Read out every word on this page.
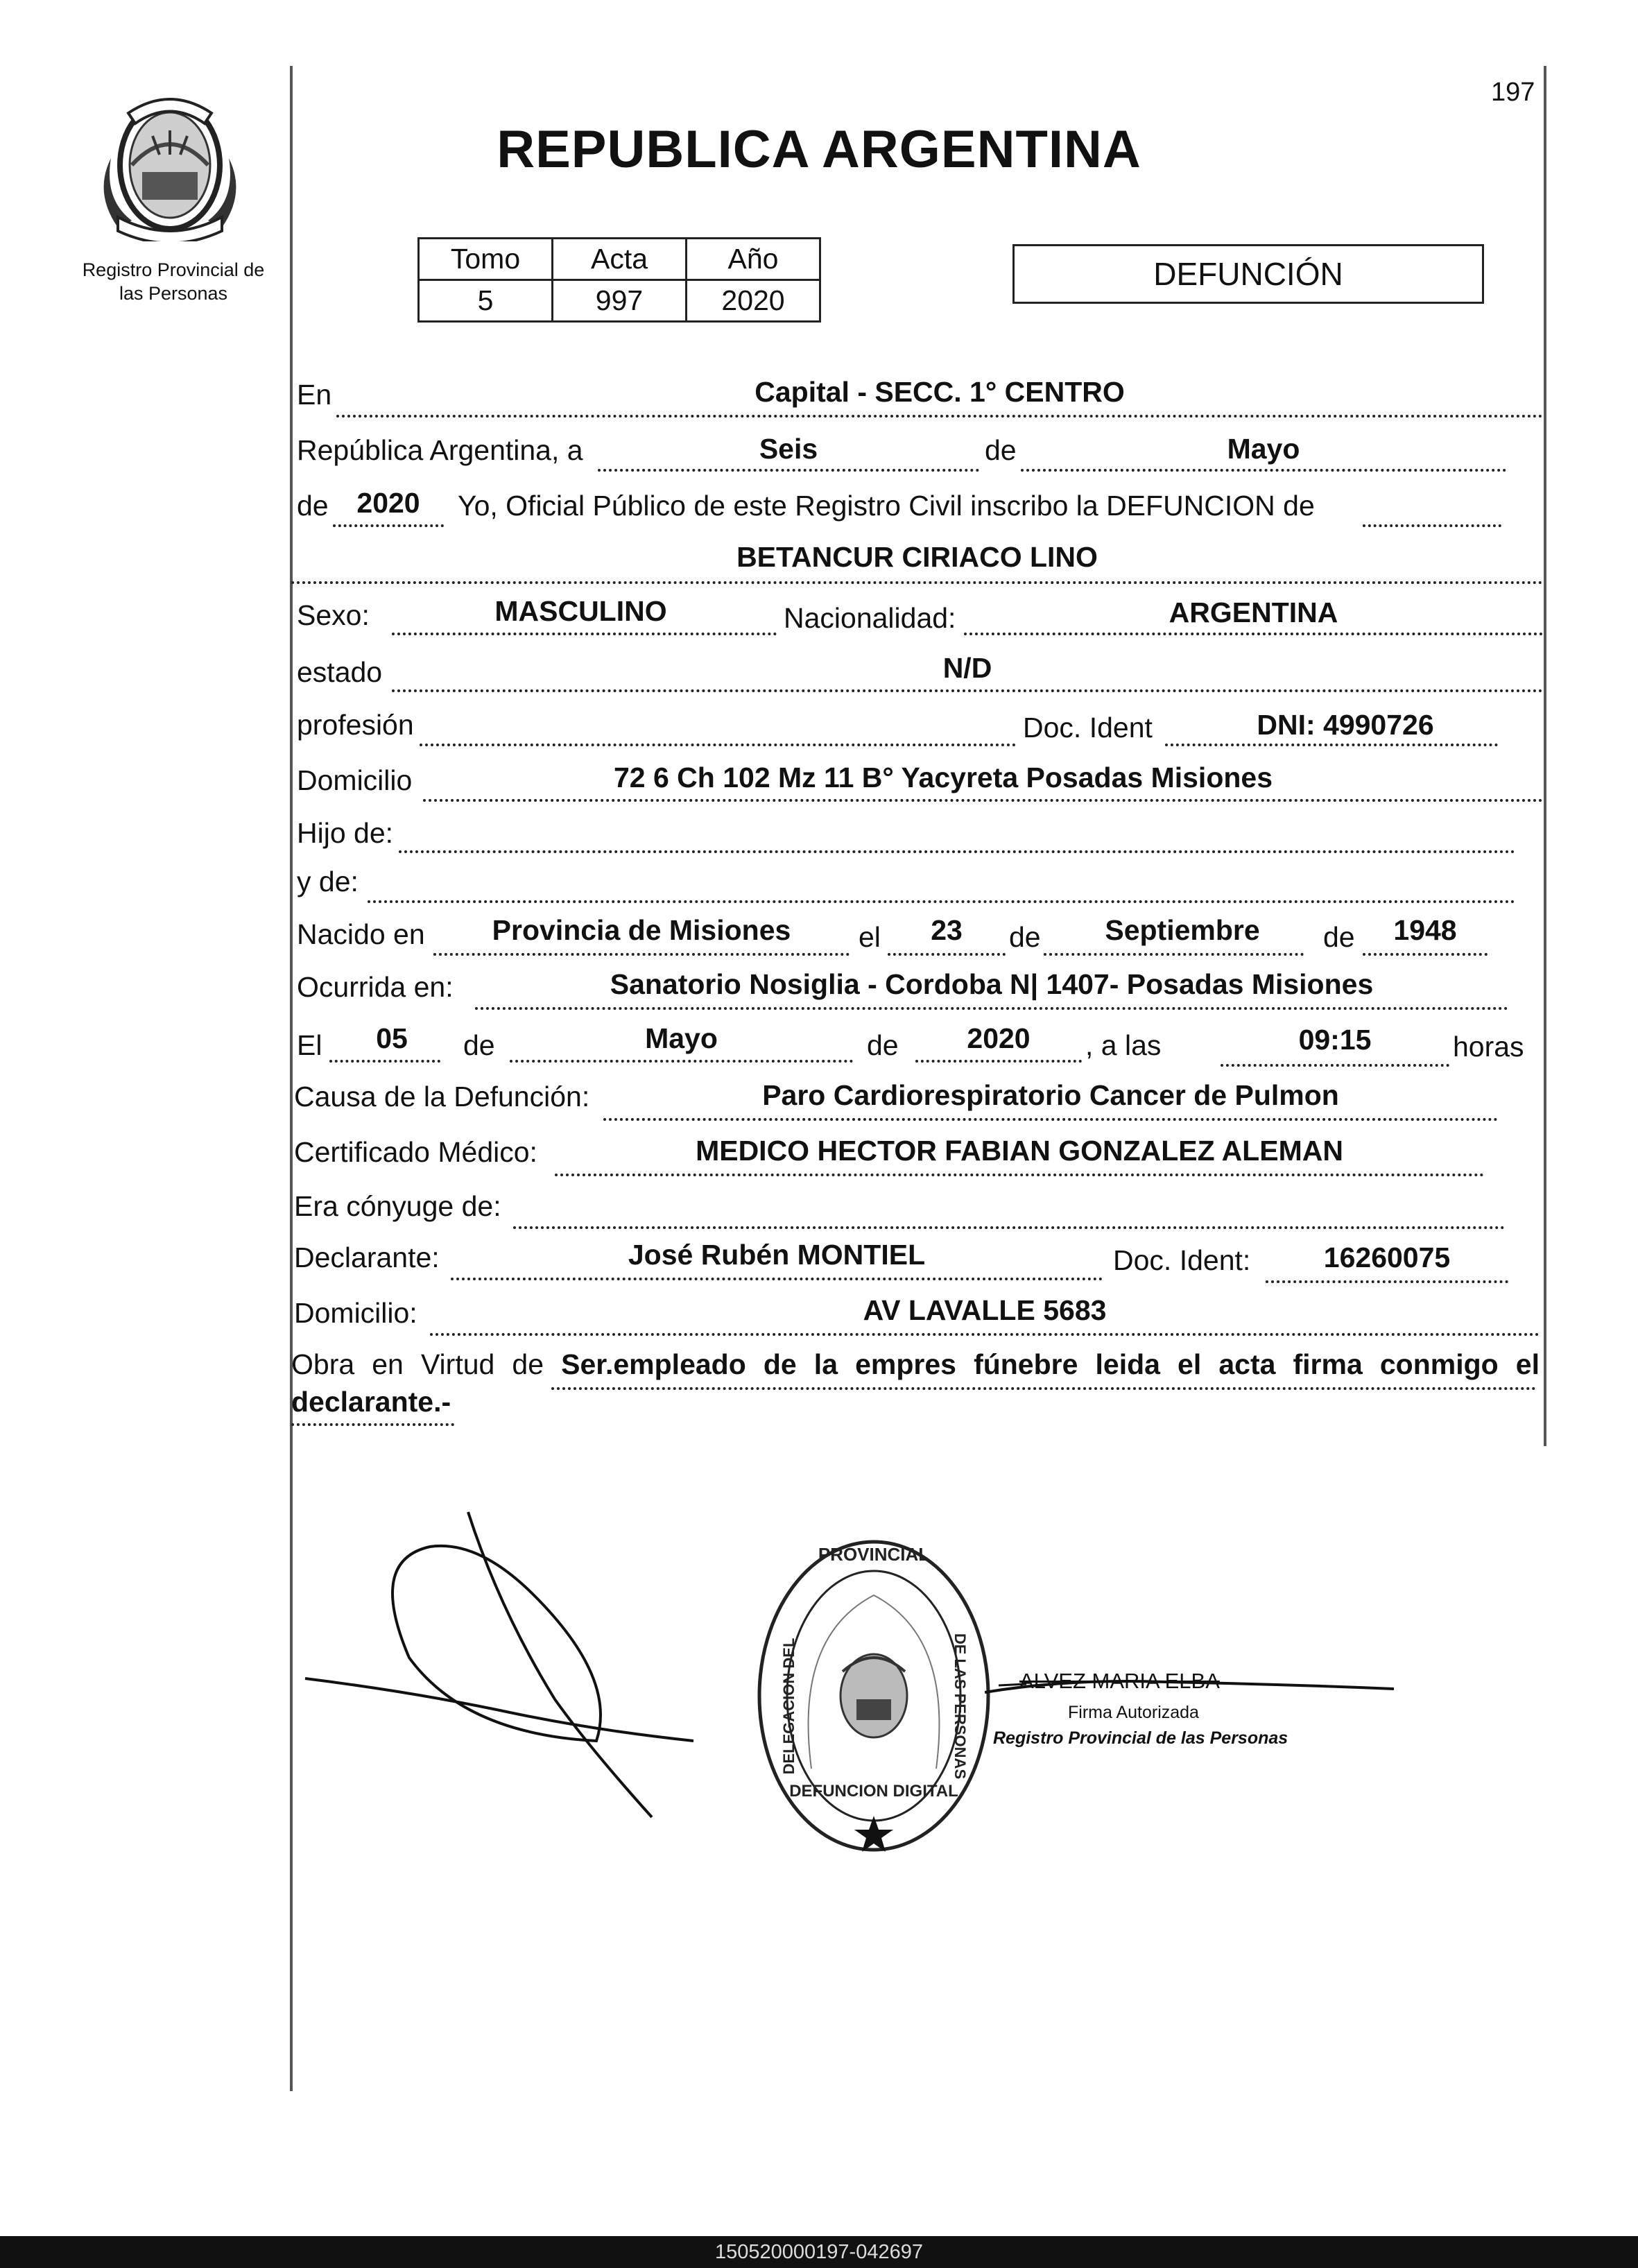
Registro Provincial de
las Personas
197
REPUBLICA ARGENTINA
Tomo	Acta	Año
5	997	2020
DEFUNCIÓN
En	Capital - SECC. 1° CENTRO
República Argentina, a	Seis	de	Mayo
de 2020	Yo, Oficial Público de este Registro Civil inscribo la DEFUNCION de
BETANCUR CIRIACO LINO
Sexo:	MASCULINO	Nacionalidad:	ARGENTINA
estado	N/D
profesión	Doc. Ident	DNI: 4990726
Domicilio	72 6 Ch 102 Mz 11 B° Yacyreta Posadas Misiones
Hijo de:
y de:
Nacido en	Provincia de Misiones	el	23	de	Septiembre	de	1948
Ocurrida en:	Sanatorio Nosiglia - Cordoba N| 1407- Posadas Misiones
El	05	de	Mayo	de	2020	, a las	09:15	horas
Causa de la Defunción:	Paro Cardiorespiratorio Cancer de Pulmon
Certificado Médico:	MEDICO HECTOR FABIAN GONZALEZ ALEMAN
Era cónyuge de:
Declarante:	José Rubén MONTIEL	Doc. Ident:	16260075
Domicilio:	AV LAVALLE 5683
Obra en Virtud de Ser.empleado de la empres fúnebre leida el acta firma conmigo el declarante.-
PROVINCIAL
DELEGACION DEL	DE LAS PERSONAS
DEFUNCION DIGITAL
ALVEZ MARIA ELBA
Firma Autorizada
Registro Provincial de las Personas
150520000197-042697
